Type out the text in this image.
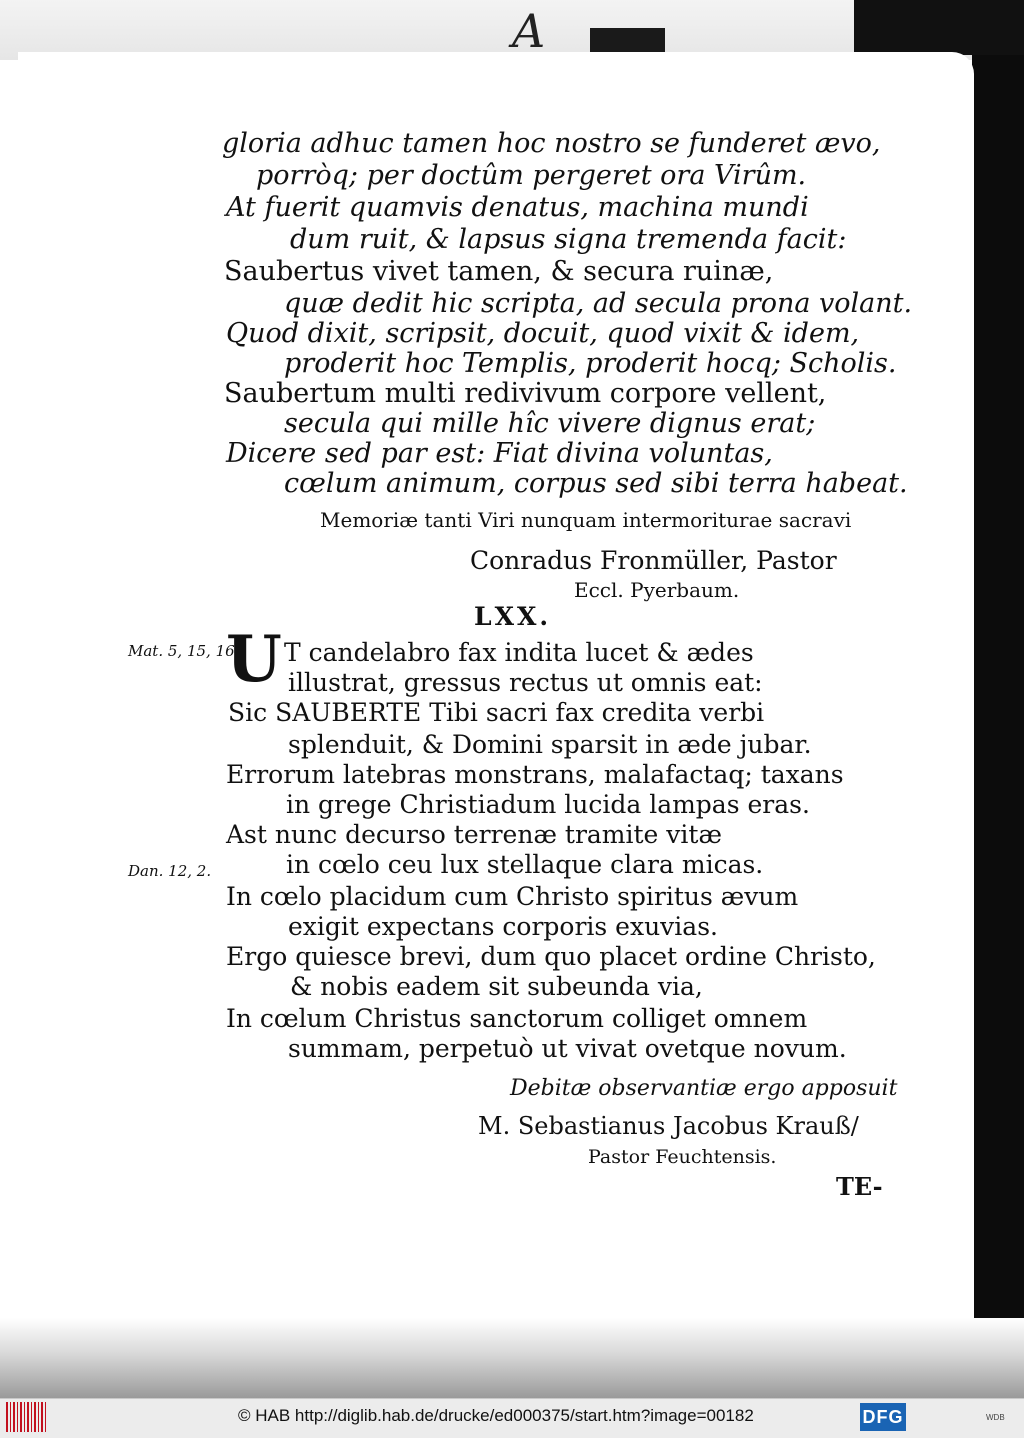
A
gloria adhuc tamen hoc nostro se funderet ævo,
porròq; per doctûm pergeret ora Virûm.
At fuerit quamvis denatus, machina mundi
dum ruit, & lapsus signa tremenda facit:
Saubertus vivet tamen, & secura ruinæ,
quæ dedit hic scripta, ad secula prona volant.
Quod dixit, scripsit, docuit, quod vixit & idem,
proderit hoc Templis, proderit hocq; Scholis.
Saubertum multi redivivum corpore vellent,
secula qui mille hîc vivere dignus erat;
Dicere sed par est: Fiat divina voluntas,
cœlum animum, corpus sed sibi terra habeat.
Memoriæ tanti Viri nunquam intermoriturae sacravi
Conradus Fronmüller, Pastor
Eccl. Pyerbaum.
LXX.
Mat. 5, 15, 16
Dan. 12, 2.
U T candelabro fax indita lucet & ædes
illustrat, gressus rectus ut omnis eat:
Sic SAUBERTE Tibi sacri fax credita verbi
splenduit, & Domini sparsit in æde jubar.
Errorum latebras monstrans, malafactaq; taxans
in grege Christiadum lucida lampas eras.
Ast nunc decurso terrenæ tramite vitæ
in cœlo ceu lux stellaque clara micas.
In cœlo placidum cum Christo spiritus ævum
exigit expectans corporis exuvias.
Ergo quiesce brevi, dum quo placet ordine Christo,
& nobis eadem sit subeunda via,
In cœlum Christus sanctorum colliget omnem
summam, perpetuò ut vivat ovetque novum.
Debitæ observantiæ ergo apposuit
M. Sebastianus Jacobus Krauß/
Pastor Feuchtensis.
TE-
© HAB http://diglib.hab.de/drucke/ed000375/start.htm?image=00182	DFG	WDB
